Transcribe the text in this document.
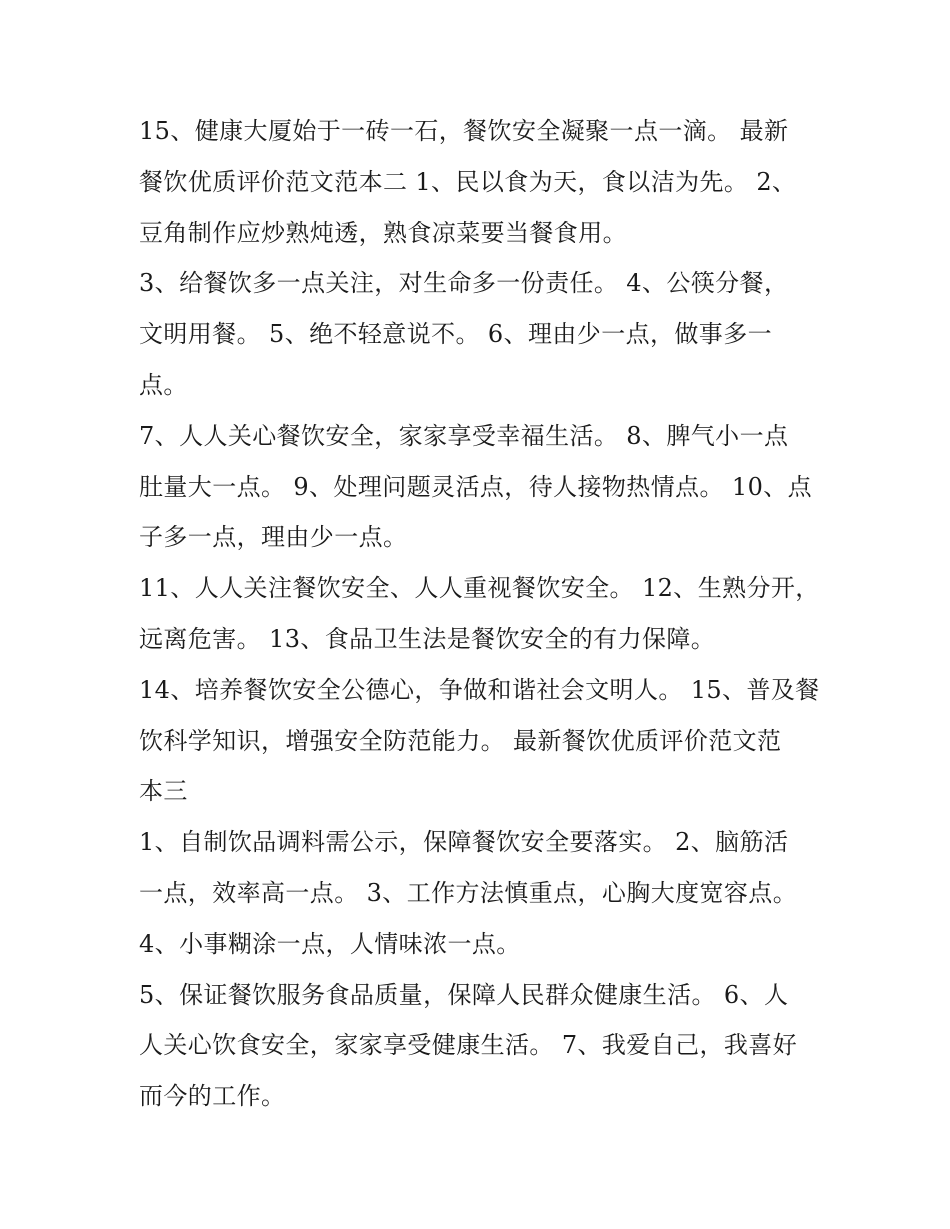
15、健康大厦始于一砖一石，餐饮安全凝聚一点一滴。 最新
餐饮优质评价范文范本二 1、民以食为天，食以洁为先。 2、
豆角制作应炒熟炖透，熟食凉菜要当餐食用。

3、给餐饮多一点关注，对生命多一份责任。 4、公筷分餐，
文明用餐。 5、绝不轻意说不。 6、理由少一点，做事多一
点。

7、人人关心餐饮安全，家家享受幸福生活。 8、脾气小一点
肚量大一点。 9、处理问题灵活点，待人接物热情点。 10、点
子多一点，理由少一点。

11、人人关注餐饮安全、人人重视餐饮安全。 12、生熟分开，
远离危害。 13、食品卫生法是餐饮安全的有力保障。

14、培养餐饮安全公德心，争做和谐社会文明人。 15、普及餐
饮科学知识，增强安全防范能力。 最新餐饮优质评价范文范
本三

1、自制饮品调料需公示，保障餐饮安全要落实。 2、脑筋活
一点，效率高一点。 3、工作方法慎重点，心胸大度宽容点。
4、小事糊涂一点，人情味浓一点。

5、保证餐饮服务食品质量，保障人民群众健康生活。 6、人
人关心饮食安全，家家享受健康生活。 7、我爱自己，我喜好
而今的工作。
